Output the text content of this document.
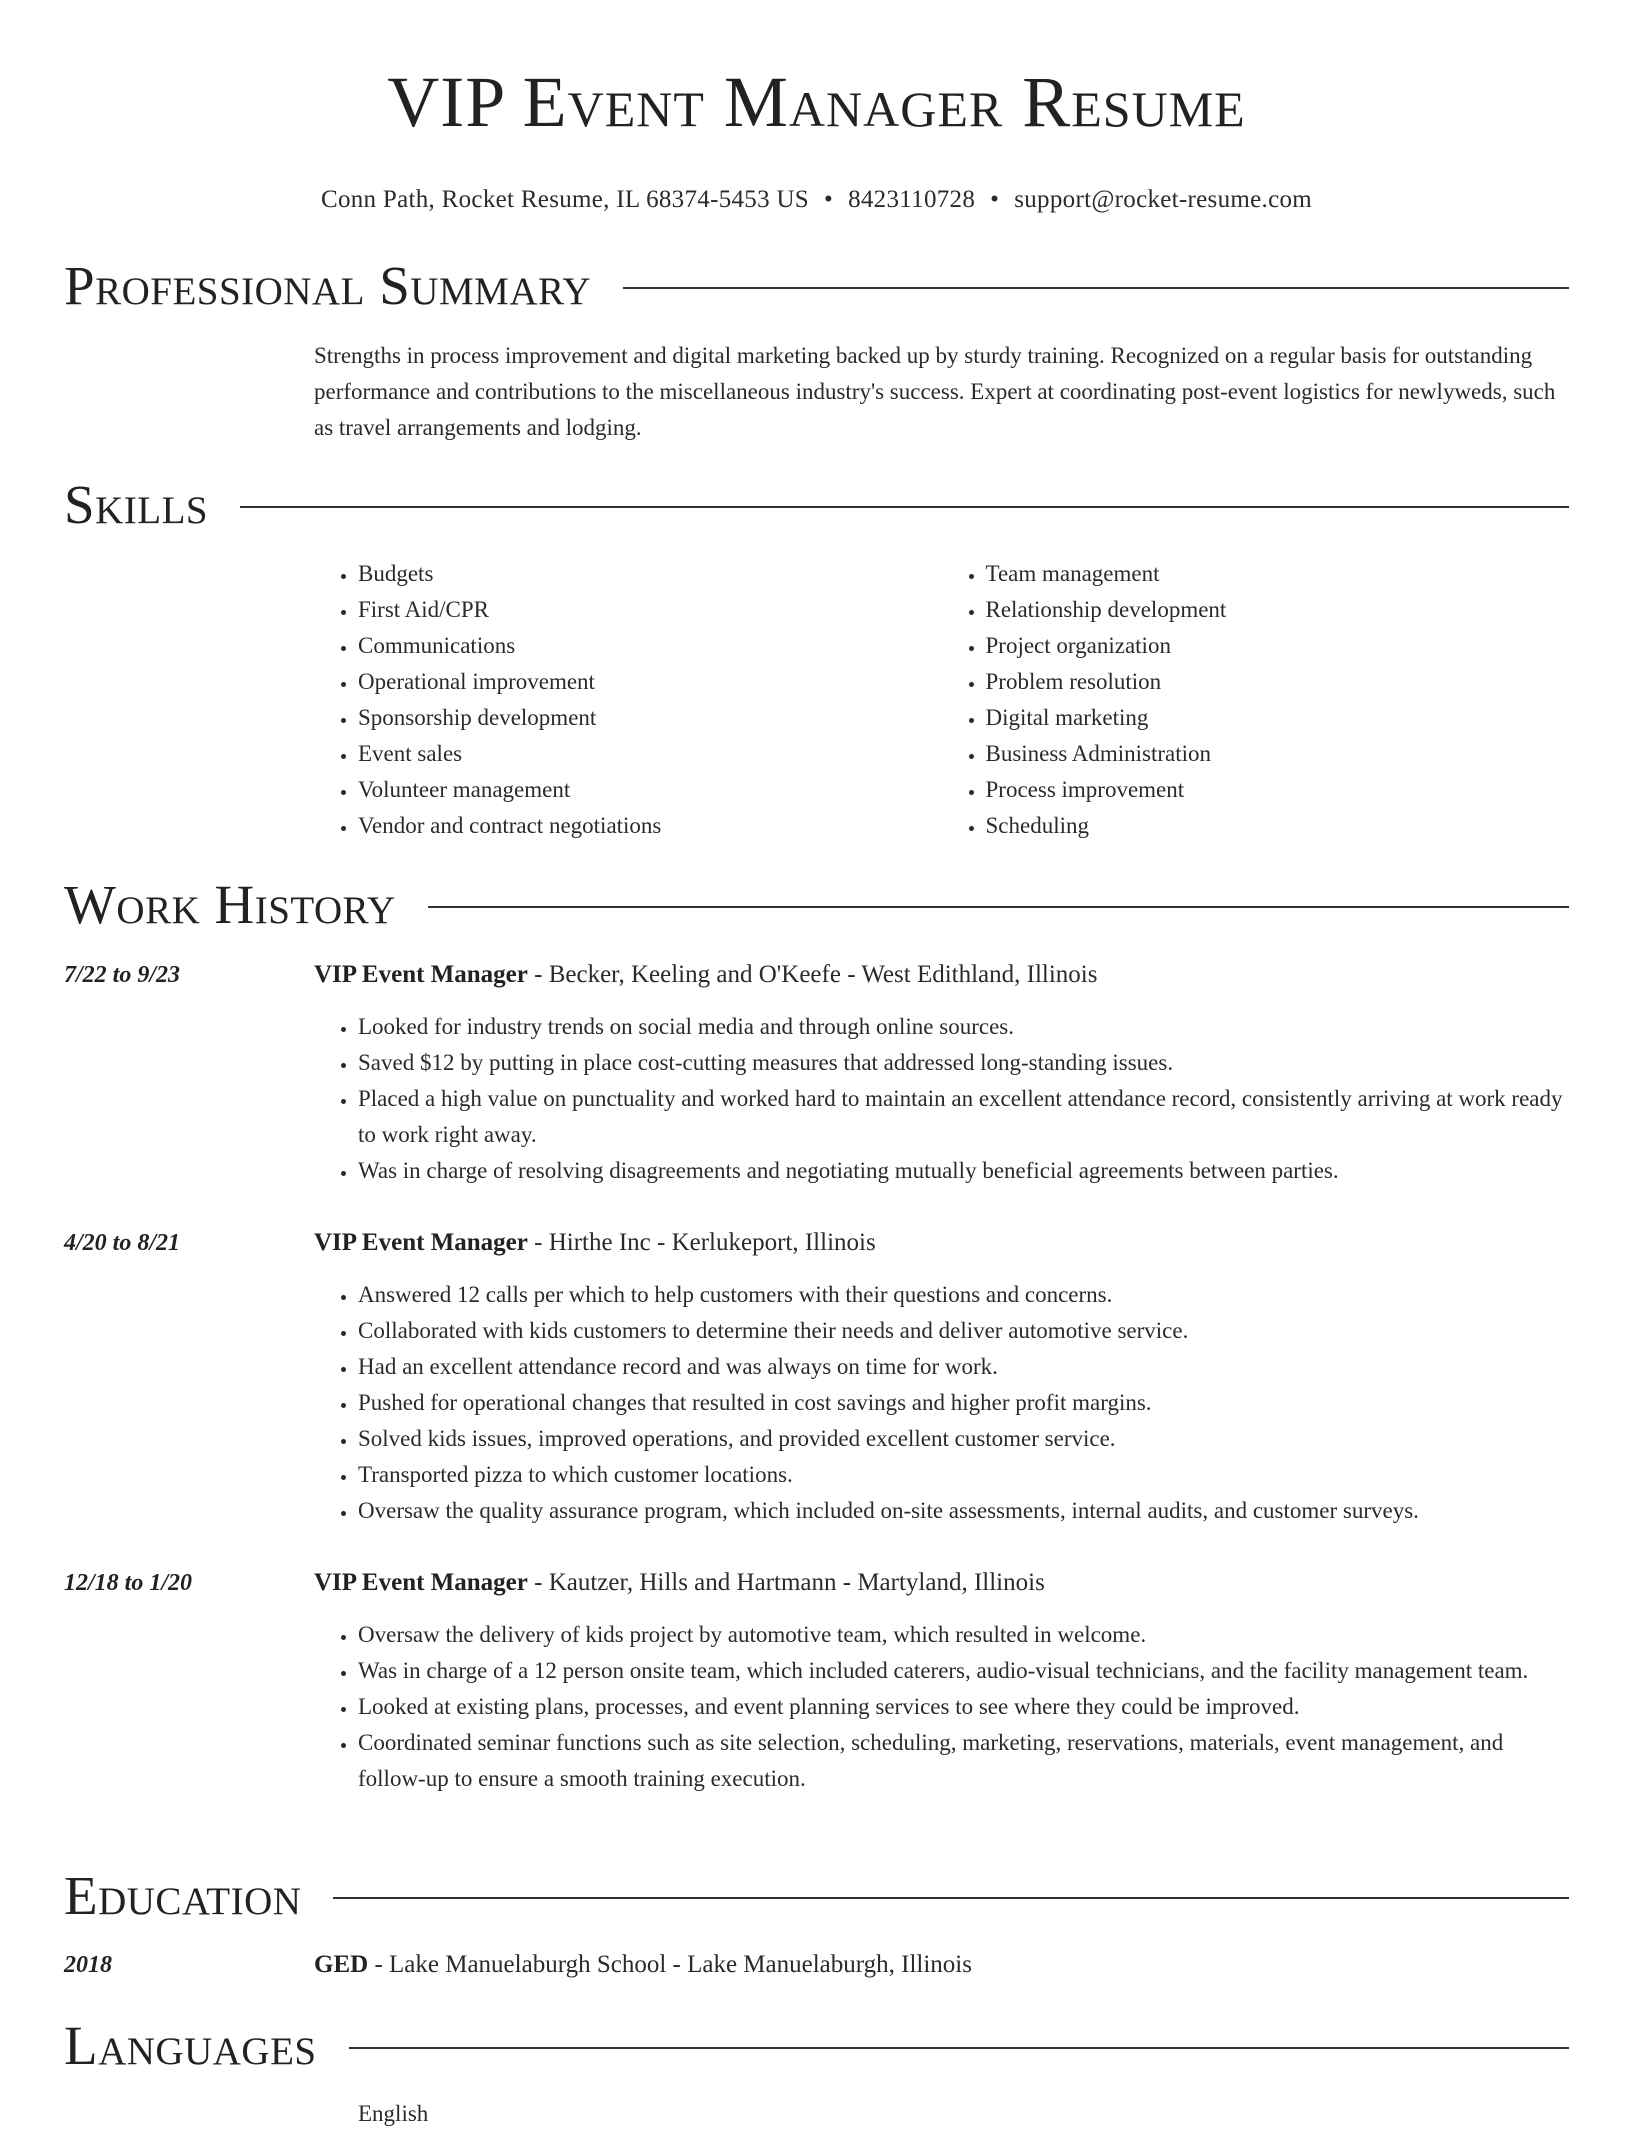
VIP Event Manager Resume
Conn Path, Rocket Resume, IL 68374-5453 US • 8423110728 • support@rocket-resume.com
Professional Summary
Strengths in process improvement and digital marketing backed up by sturdy training. Recognized on a regular basis for outstanding performance and contributions to the miscellaneous industry's success. Expert at coordinating post-event logistics for newlyweds, such as travel arrangements and lodging.
Skills
• Budgets
• First Aid/CPR
• Communications
• Operational improvement
• Sponsorship development
• Event sales
• Volunteer management
• Vendor and contract negotiations
• Team management
• Relationship development
• Project organization
• Problem resolution
• Digital marketing
• Business Administration
• Process improvement
• Scheduling
Work History
7/22 to 9/23	VIP Event Manager - Becker, Keeling and O'Keefe - West Edithland, Illinois
• Looked for industry trends on social media and through online sources.
• Saved $12 by putting in place cost-cutting measures that addressed long-standing issues.
• Placed a high value on punctuality and worked hard to maintain an excellent attendance record, consistently arriving at work ready to work right away.
• Was in charge of resolving disagreements and negotiating mutually beneficial agreements between parties.
4/20 to 8/21	VIP Event Manager - Hirthe Inc - Kerlukeport, Illinois
• Answered 12 calls per which to help customers with their questions and concerns.
• Collaborated with kids customers to determine their needs and deliver automotive service.
• Had an excellent attendance record and was always on time for work.
• Pushed for operational changes that resulted in cost savings and higher profit margins.
• Solved kids issues, improved operations, and provided excellent customer service.
• Transported pizza to which customer locations.
• Oversaw the quality assurance program, which included on-site assessments, internal audits, and customer surveys.
12/18 to 1/20	VIP Event Manager - Kautzer, Hills and Hartmann - Martyland, Illinois
• Oversaw the delivery of kids project by automotive team, which resulted in welcome.
• Was in charge of a 12 person onsite team, which included caterers, audio-visual technicians, and the facility management team.
• Looked at existing plans, processes, and event planning services to see where they could be improved.
• Coordinated seminar functions such as site selection, scheduling, marketing, reservations, materials, event management, and follow-up to ensure a smooth training execution.
Education
2018	GED - Lake Manuelaburgh School - Lake Manuelaburgh, Illinois
Languages
English
